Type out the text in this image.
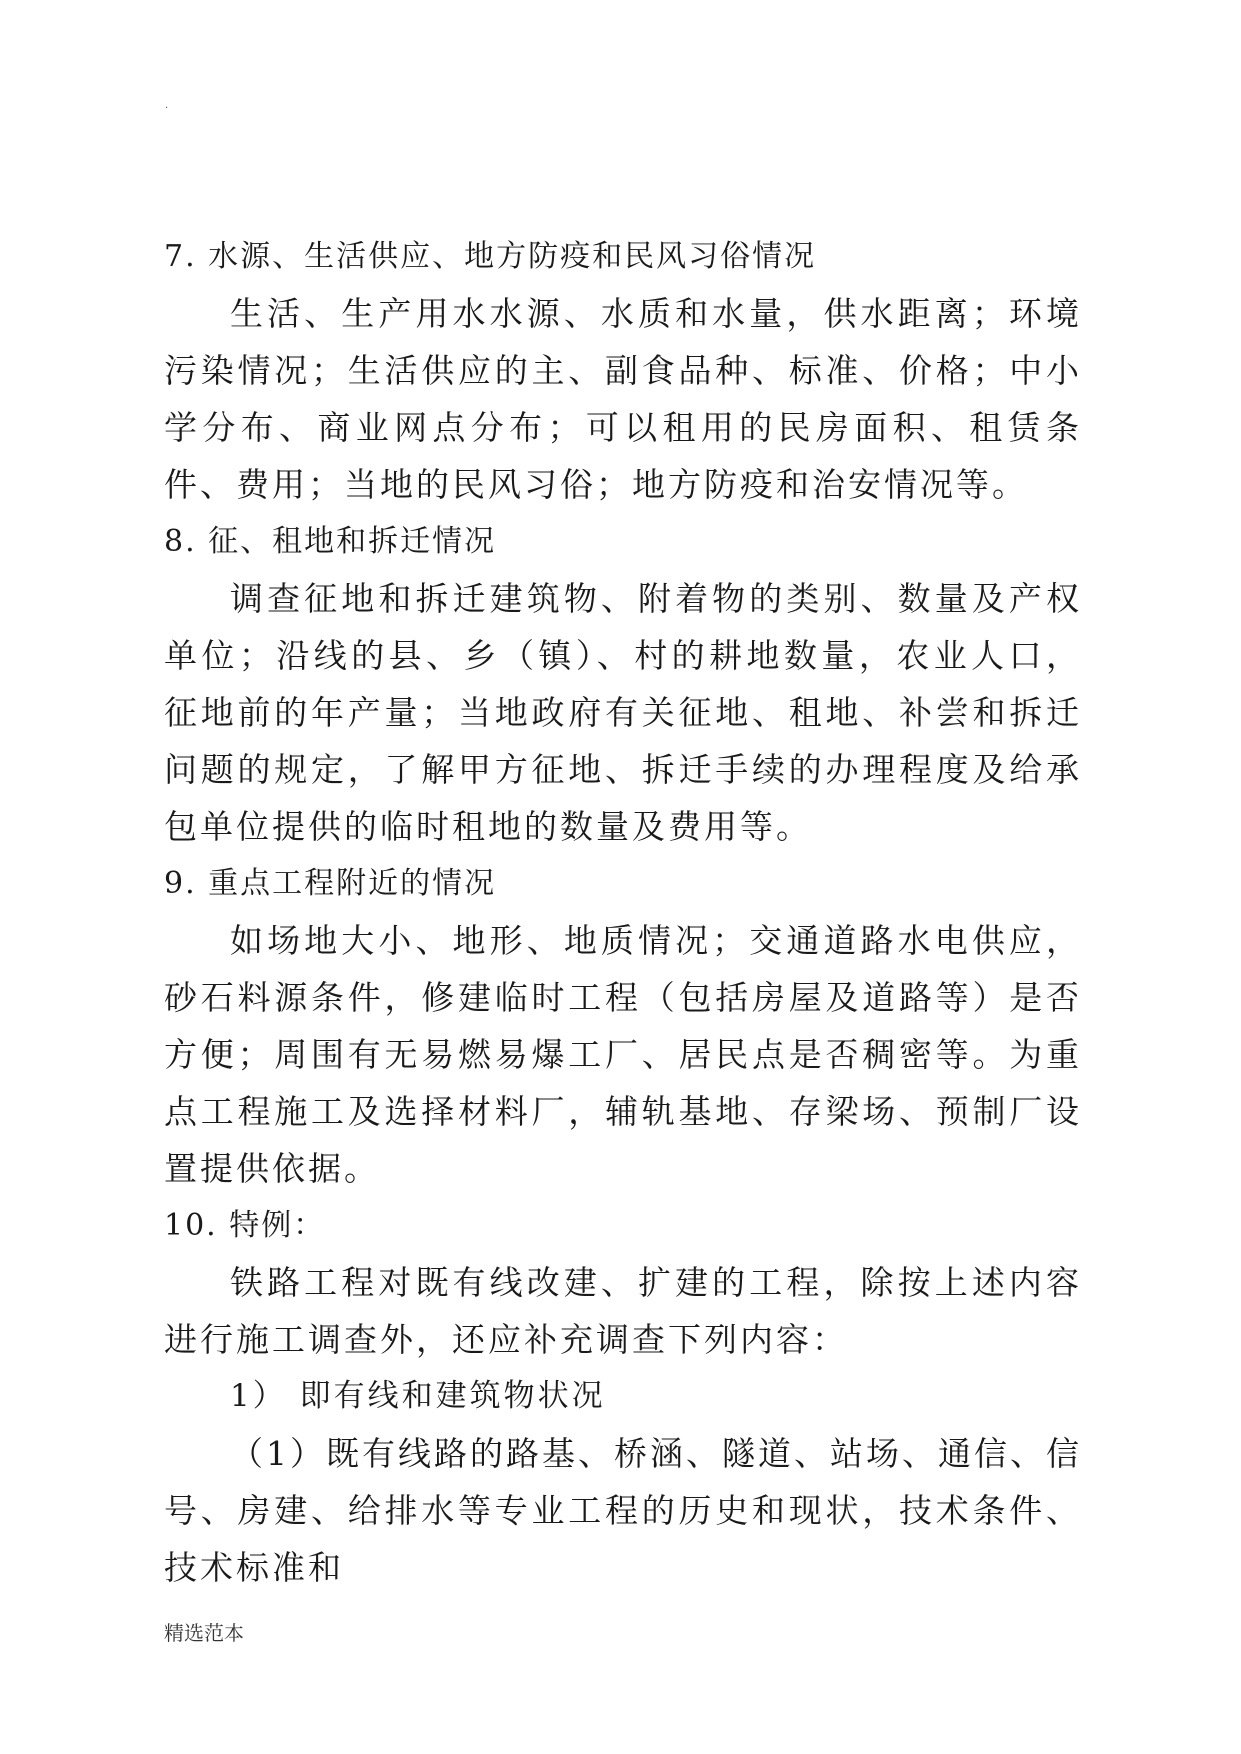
·
7. 水源、生活供应、地方防疫和民风习俗情况

生活、生产用水水源、水质和水量，供水距离；环境污染情况；生活供应的主、副食品种、标准、价格；中小学分布、商业网点分布；可以租用的民房面积、租赁条件、费用；当地的民风习俗；地方防疫和治安情况等。

8. 征、租地和拆迁情况

调查征地和拆迁建筑物、附着物的类别、数量及产权单位；沿线的县、乡（镇）、村的耕地数量，农业人口，征地前的年产量；当地政府有关征地、租地、补尝和拆迁问题的规定，了解甲方征地、拆迁手续的办理程度及给承包单位提供的临时租地的数量及费用等。

9. 重点工程附近的情况

如场地大小、地形、地质情况；交通道路水电供应，砂石料源条件，修建临时工程（包括房屋及道路等）是否方便；周围有无易燃易爆工厂、居民点是否稠密等。为重点工程施工及选择材料厂，辅轨基地、存梁场、预制厂设置提供依据。

10. 特例：

铁路工程对既有线改建、扩建的工程，除按上述内容进行施工调查外，还应补充调查下列内容：

1） 即有线和建筑物状况

（1）既有线路的路基、桥涵、隧道、站场、通信、信号、房建、给排水等专业工程的历史和现状，技术条件、技术标准和

精选范本
